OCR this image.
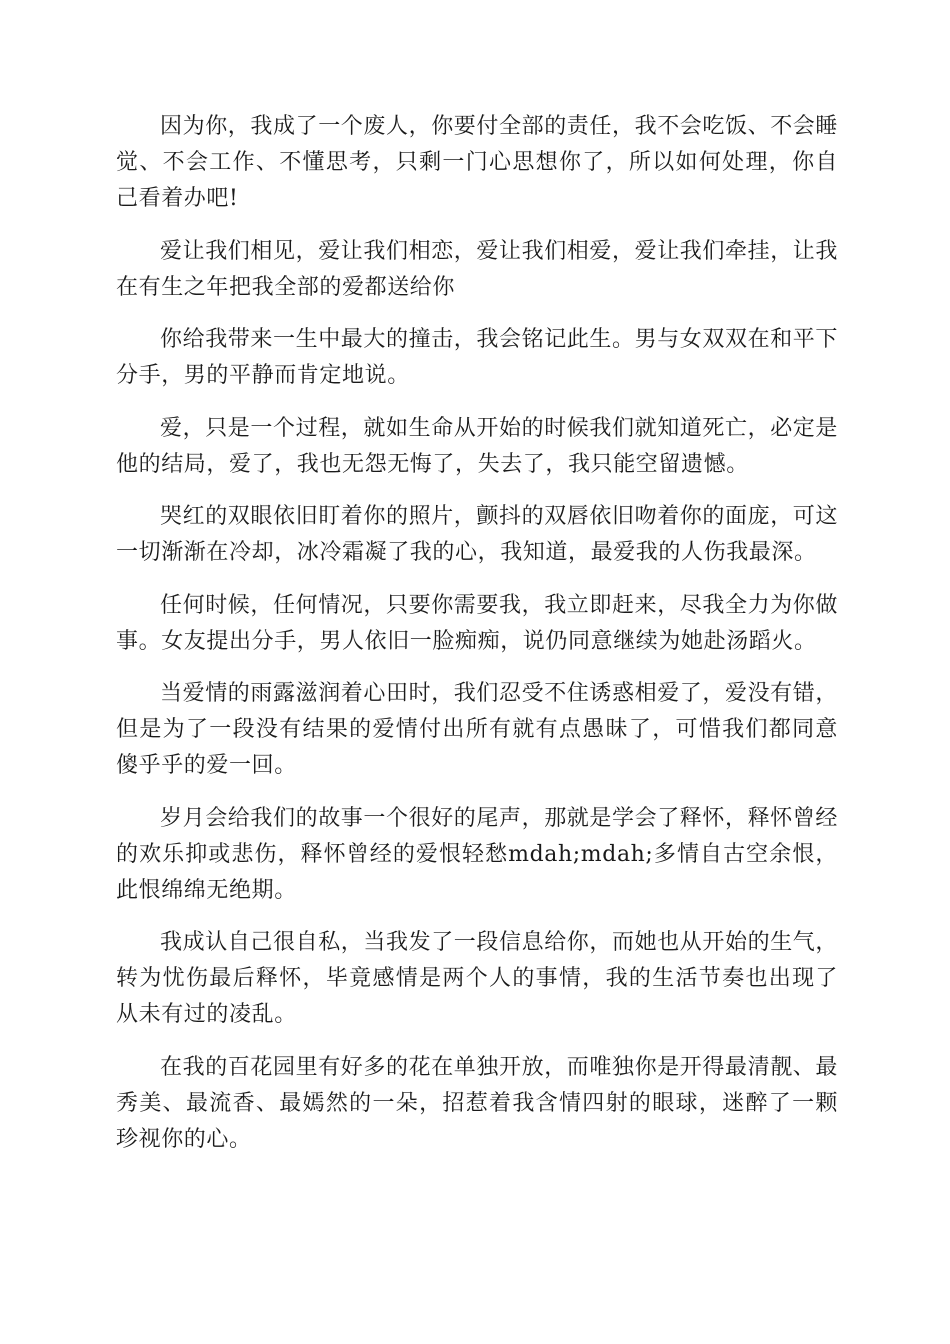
因为你，我成了一个废人，你要付全部的责任，我不会吃饭、不会睡觉、不会工作、不懂思考，只剩一门心思想你了，所以如何处理，你自己看着办吧!

爱让我们相见，爱让我们相恋，爱让我们相爱，爱让我们牵挂，让我在有生之年把我全部的爱都送给你

你给我带来一生中最大的撞击，我会铭记此生。男与女双双在和平下分手，男的平静而肯定地说。

爱，只是一个过程，就如生命从开始的时候我们就知道死亡，必定是他的结局，爱了，我也无怨无悔了，失去了，我只能空留遗憾。

哭红的双眼依旧盯着你的照片，颤抖的双唇依旧吻着你的面庞，可这一切渐渐在冷却，冰冷霜凝了我的心，我知道，最爱我的人伤我最深。

任何时候，任何情况，只要你需要我，我立即赶来，尽我全力为你做事。女友提出分手，男人依旧一脸痴痴，说仍同意继续为她赴汤蹈火。

当爱情的雨露滋润着心田时，我们忍受不住诱惑相爱了，爱没有错，但是为了一段没有结果的爱情付出所有就有点愚昧了，可惜我们都同意傻乎乎的爱一回。

岁月会给我们的故事一个很好的尾声，那就是学会了释怀，释怀曾经的欢乐抑或悲伤，释怀曾经的爱恨轻愁mdah;mdah;多情自古空余恨，此恨绵绵无绝期。

我成认自己很自私，当我发了一段信息给你，而她也从开始的生气，转为忧伤最后释怀，毕竟感情是两个人的事情，我的生活节奏也出现了从未有过的凌乱。

在我的百花园里有好多的花在单独开放，而唯独你是开得最清靓、最秀美、最流香、最嫣然的一朵，招惹着我含情四射的眼球，迷醉了一颗珍视你的心。
